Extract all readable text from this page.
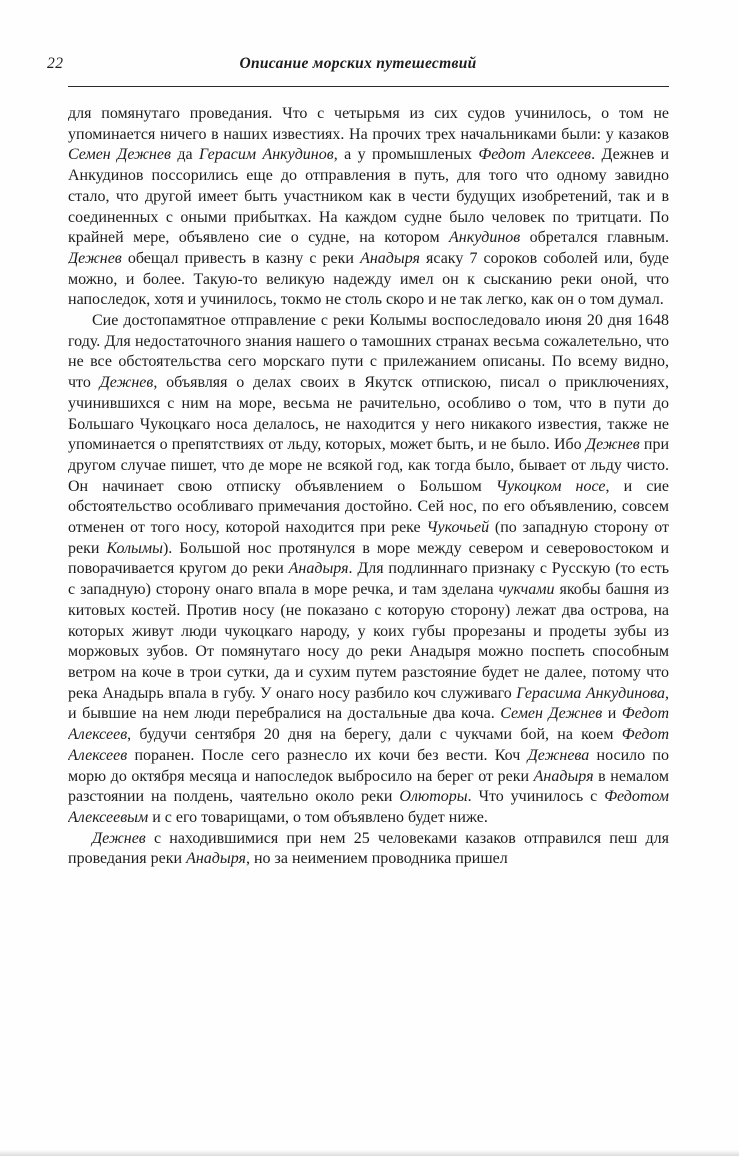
22	Описание морских путешествий

для помянутаго проведания. Что с четырьмя из сих судов учинилось, о том не упоминается ничего в наших известиях. На прочих трех начальниками были: у казаков Семен Дежнев да Герасим Анкудинов, а у промышленых Федот Алексеев. Дежнев и Анкудинов поссорились еще до отправления в путь, для того что одному завидно стало, что другой имеет быть участником как в чести будущих изобретений, так и в соединенных с оными прибытках. На каждом судне было человек по тритцати. По крайней мере, объявлено сие о судне, на котором Анкудинов обретался главным. Дежнев обещал привесть в казну с реки Анадыря ясаку 7 сороков соболей или, буде можно, и более. Такую-то великую надежду имел он к сысканию реки оной, что напоследок, хотя и учинилось, токмо не столь скоро и не так легко, как он о том думал.

Сие достопамятное отправление с реки Колымы воспоследовало июня 20 дня 1648 году. Для недостаточного знания нашего о тамошних странах весьма сожалетельно, что не все обстоятельства сего морскаго пути с прилежанием описаны. По всему видно, что Дежнев, объявляя о делах своих в Якутск отпискою, писал о приключениях, учинившихся с ним на море, весьма не рачительно, особливо о том, что в пути до Большаго Чукоцкаго носа делалось, не находится у него никакого известия, также не упоминается о препятствиях от льду, которых, может быть, и не было. Ибо Дежнев при другом случае пишет, что де море не всякой год, как тогда было, бывает от льду чисто. Он начинает свою отписку объявлением о Большом Чукоцком носе, и сие обстоятельство особливаго примечания достойно. Сей нос, по его объявлению, совсем отменен от того носу, которой находится при реке Чукочьей (по западную сторону от реки Колымы). Большой нос протянулся в море между севером и северовостоком и поворачивается кругом до реки Анадыря. Для подлиннаго признаку с Русскую (то есть с западную) сторону онаго впала в море речка, и там зделана чукчами якобы башня из китовых костей. Против носу (не показано с которую сторону) лежат два острова, на которых живут люди чукоцкаго народу, у коих губы прорезаны и продеты зубы из моржовых зубов. От помянутаго носу до реки Анадыря можно поспеть способным ветром на коче в трои сутки, да и сухим путем разстояние будет не далее, потому что река Анадырь впала в губу. У онаго носу разбило коч служиваго Герасима Анкудинова, и бывшие на нем люди перебралися на достальные два коча. Семен Дежнев и Федот Алексеев, будучи сентября 20 дня на берегу, дали с чукчами бой, на коем Федот Алексеев поранен. После сего разнесло их кочи без вести. Коч Дежнева носило по морю до октября месяца и напоследок выбросило на берег от реки Анадыря в немалом разстоянии на полдень, чаятельно около реки Олюторы. Что учинилось с Федотом Алексеевым и с его товарищами, о том объявлено будет ниже.

Дежнев с находившимися при нем 25 человеками казаков отправился пеш для проведания реки Анадыря, но за неимением проводника пришел
